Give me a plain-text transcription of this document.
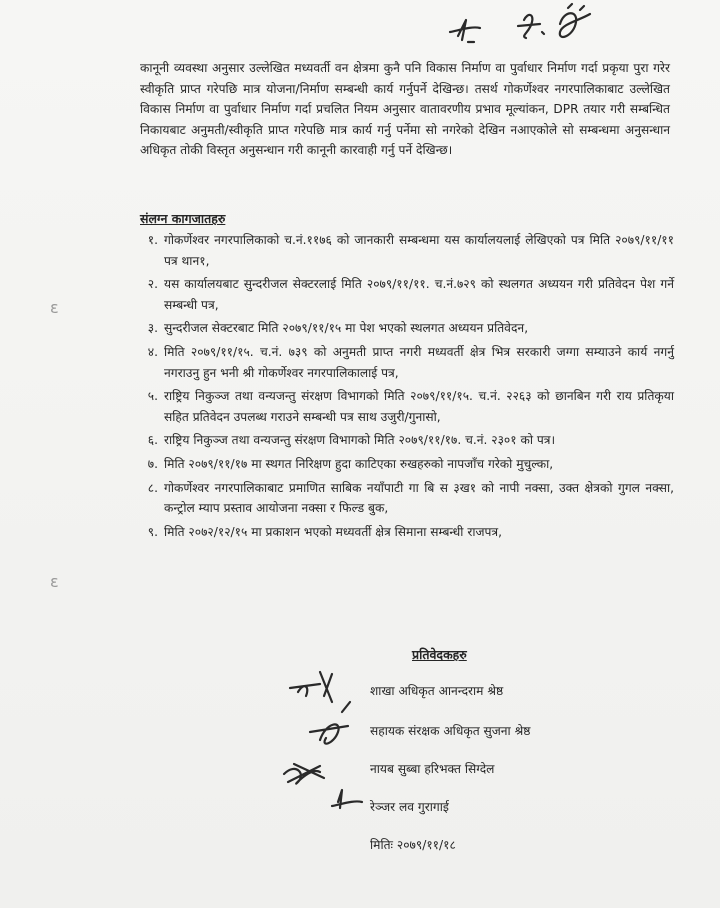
कानूनी व्यवस्था अनुसार उल्लेखित मध्यवर्ती वन क्षेत्रमा कुनै पनि विकास निर्माण वा पुर्वाधार निर्माण गर्दा प्रकृया पुरा गरेर स्वीकृति प्राप्त गरेपछि मात्र योजना/निर्माण सम्बन्धी कार्य गर्नुपर्ने देखिन्छ। तसर्थ गोकर्णेश्वर नगरपालिकाबाट उल्लेखित विकास निर्माण वा पुर्वाधार निर्माण गर्दा प्रचलित नियम अनुसार वातावरणीय प्रभाव मूल्यांकन, DPR तयार गरी सम्बन्धित निकायबाट अनुमती/स्वीकृति प्राप्त गरेपछि मात्र कार्य गर्नु पर्नेमा सो नगरेको देखिन नआएकोले सो सम्बन्धमा अनुसन्धान अधिकृत तोकी विस्तृत अनुसन्धान गरी कानूनी कारवाही गर्नु पर्ने देखिन्छ।

संलग्न कागजातहरु

१. गोकर्णेश्वर नगरपालिकाको च.नं.११७६ को जानकारी सम्बन्धमा यस कार्यालयलाई लेखिएको पत्र मिति २०७९/११/११ पत्र थान१,
२. यस कार्यालयबाट सुन्दरीजल सेक्टरलाई मिति २०७९/११/११. च.नं.७२९ को स्थलगत अध्ययन गरी प्रतिवेदन पेश गर्ने सम्बन्धी पत्र,
३. सुन्दरीजल सेक्टरबाट मिति २०७९/११/१५ मा पेश भएको स्थलगत अध्ययन प्रतिवेदन,
४. मिति २०७९/११/१५. च.नं. ७३९ को अनुमती प्राप्त नगरी मध्यवर्ती क्षेत्र भित्र सरकारी जग्गा सम्याउने कार्य नगर्नु नगराउनु हुन भनी श्री गोकर्णेश्वर नगरपालिकालाई पत्र,
५. राष्ट्रिय निकुञ्ज तथा वन्यजन्तु संरक्षण विभागको मिति २०७९/११/१५. च.नं. २२६३ को छानबिन गरी राय प्रतिकृया सहित प्रतिवेदन उपलब्ध गराउने सम्बन्धी पत्र साथ उजुरी/गुनासो,
६. राष्ट्रिय निकुञ्ज तथा वन्यजन्तु संरक्षण विभागको मिति २०७९/११/१७. च.नं. २३०१ को पत्र।
७. मिति २०७९/११/१७ मा स्थगत निरिक्षण हुदा काटिएका रुखहरुको नापजाँच गरेको मुचुल्का,
८. गोकर्णेश्वर नगरपालिकाबाट प्रमाणित साबिक नयाँपाटी गा बि स ३ख१ को नापी नक्सा, उक्त क्षेत्रको गुगल नक्सा, कन्ट्रोल म्याप प्रस्ताव आयोजना नक्सा र फिल्ड बुक,
९. मिति २०७२/१२/१५ मा प्रकाशन भएको मध्यवर्ती क्षेत्र सिमाना सम्बन्धी राजपत्र,
ɛ
ɛ

प्रतिवेदकहरु

शाखा अधिकृत आनन्दराम श्रेष्ठ

सहायक संरक्षक अधिकृत सुजना श्रेष्ठ

नायब सुब्बा हरिभक्त सिग्देल

रेञ्जर लव गुरागाई

मितिः २०७९/११/१८
